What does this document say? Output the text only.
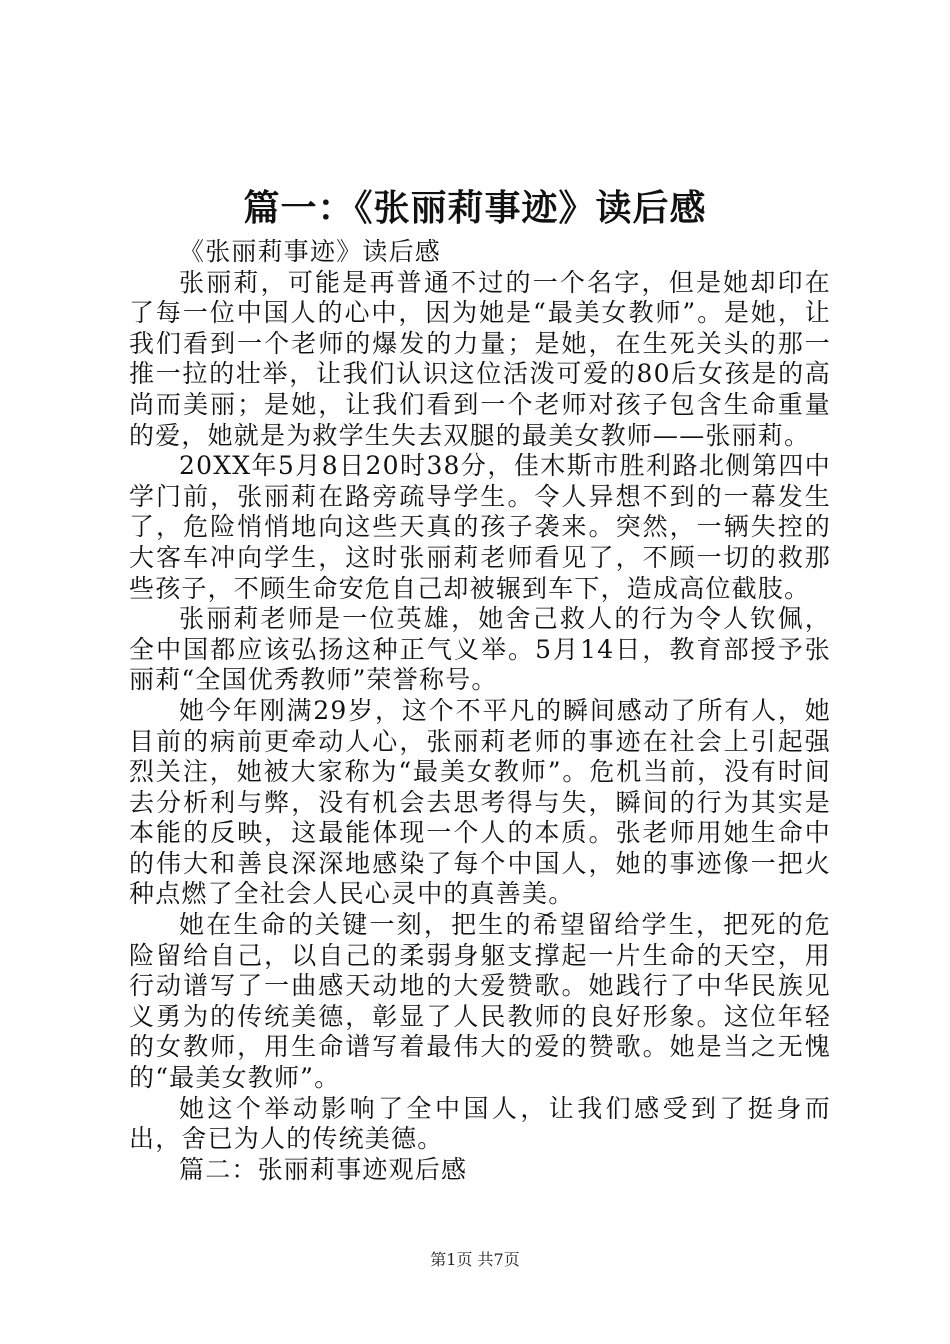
篇一：《张丽莉事迹》读后感

《张丽莉事迹》读后感

张丽莉，可能是再普通不过的一个名字，但是她却印在了每一位中国人的心中，因为她是“最美女教师”。是她，让我们看到一个老师的爆发的力量；是她，在生死关头的那一推一拉的壮举，让我们认识这位活泼可爱的80后女孩是的高尚而美丽；是她，让我们看到一个老师对孩子包含生命重量的爱，她就是为救学生失去双腿的最美女教师——张丽莉。

20XX年5月8日20时38分，佳木斯市胜利路北侧第四中学门前，张丽莉在路旁疏导学生。令人异想不到的一幕发生了，危险悄悄地向这些天真的孩子袭来。突然，一辆失控的大客车冲向学生，这时张丽莉老师看见了，不顾一切的救那些孩子，不顾生命安危自己却被辗到车下，造成高位截肢。

张丽莉老师是一位英雄，她舍己救人的行为令人钦佩，全中国都应该弘扬这种正气义举。5月14日，教育部授予张丽莉“全国优秀教师”荣誉称号。

她今年刚满29岁，这个不平凡的瞬间感动了所有人，她目前的病前更牵动人心，张丽莉老师的事迹在社会上引起强烈关注，她被大家称为“最美女教师”。危机当前，没有时间去分析利与弊，没有机会去思考得与失，瞬间的行为其实是本能的反映，这最能体现一个人的本质。张老师用她生命中的伟大和善良深深地感染了每个中国人，她的事迹像一把火种点燃了全社会人民心灵中的真善美。

她在生命的关键一刻，把生的希望留给学生，把死的危险留给自己，以自己的柔弱身躯支撑起一片生命的天空，用行动谱写了一曲感天动地的大爱赞歌。她践行了中华民族见义勇为的传统美德，彰显了人民教师的良好形象。这位年轻的女教师，用生命谱写着最伟大的爱的赞歌。她是当之无愧的“最美女教师”。

她这个举动影响了全中国人，让我们感受到了挺身而出，舍已为人的传统美德。

篇二：张丽莉事迹观后感

第1页 共7页
